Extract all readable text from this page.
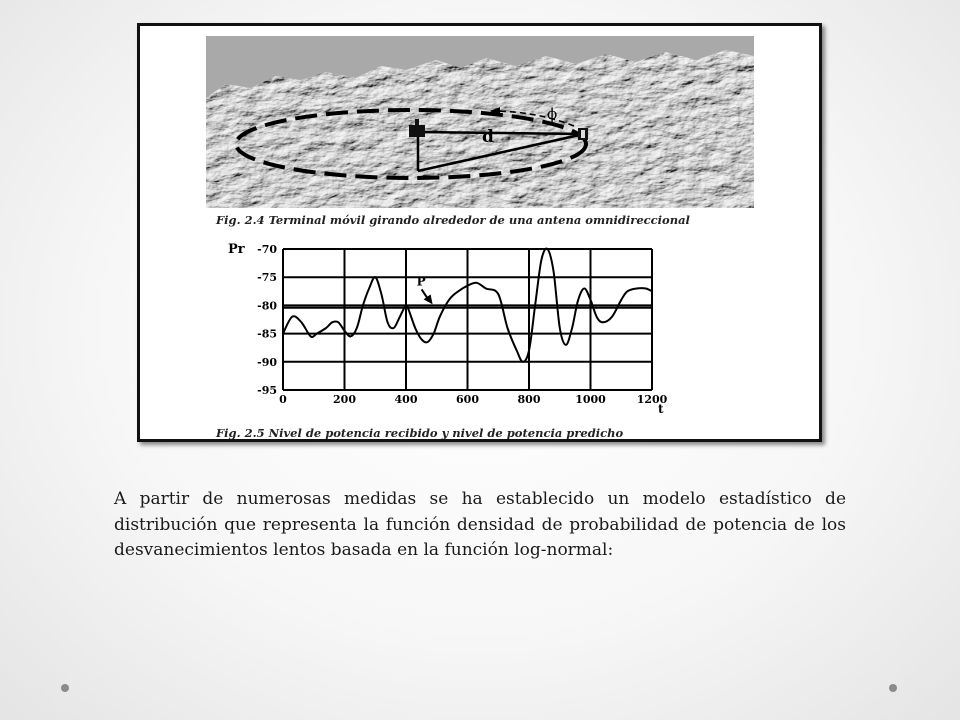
d
ϕ
Fig. 2.4 Terminal móvil girando alrededor de una antena omnidireccional
0	200	400	600	800	1000	1200
-70
-75
-80
-85
-90
-95
Pr
t
P
Fig. 2.5 Nivel de potencia recibido y nivel de potencia predicho

A partir de numerosas medidas se ha establecido un modelo estadístico de distribución que representa la función densidad de probabilidad de potencia de los desvanecimientos lentos basada en la función log-normal:
